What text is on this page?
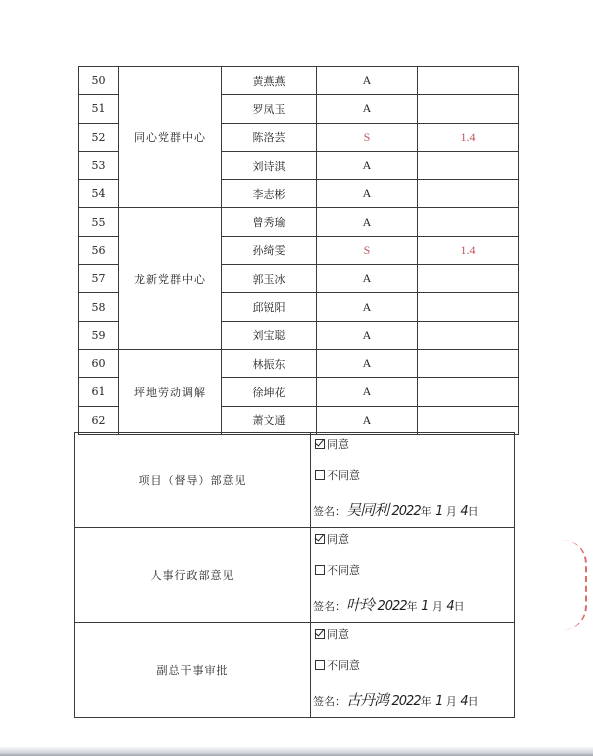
50	同心党群中心	黄燕燕	A	
51		罗凤玉	A	
52		陈洛芸	S	1.4
53		刘诗淇	A	
54		李志彬	A	
55	龙新党群中心	曾秀瑜	A	
56		孙绮雯	S	1.4
57		郭玉冰	A	
58		邱锐阳	A	
59		刘宝聪	A	
60	坪地劳动调解	林振东	A	
61		徐坤花	A	
62		萧文通	A	
项目（督导）部意见	同意
不同意
签名：吴同利 2022年 1 月 4日

人事行政部意见	同意
不同意
签名：叶玲 2022年 1 月 4日

副总干事审批	同意
不同意
签名：古丹鸿 2022年 1 月 4日
